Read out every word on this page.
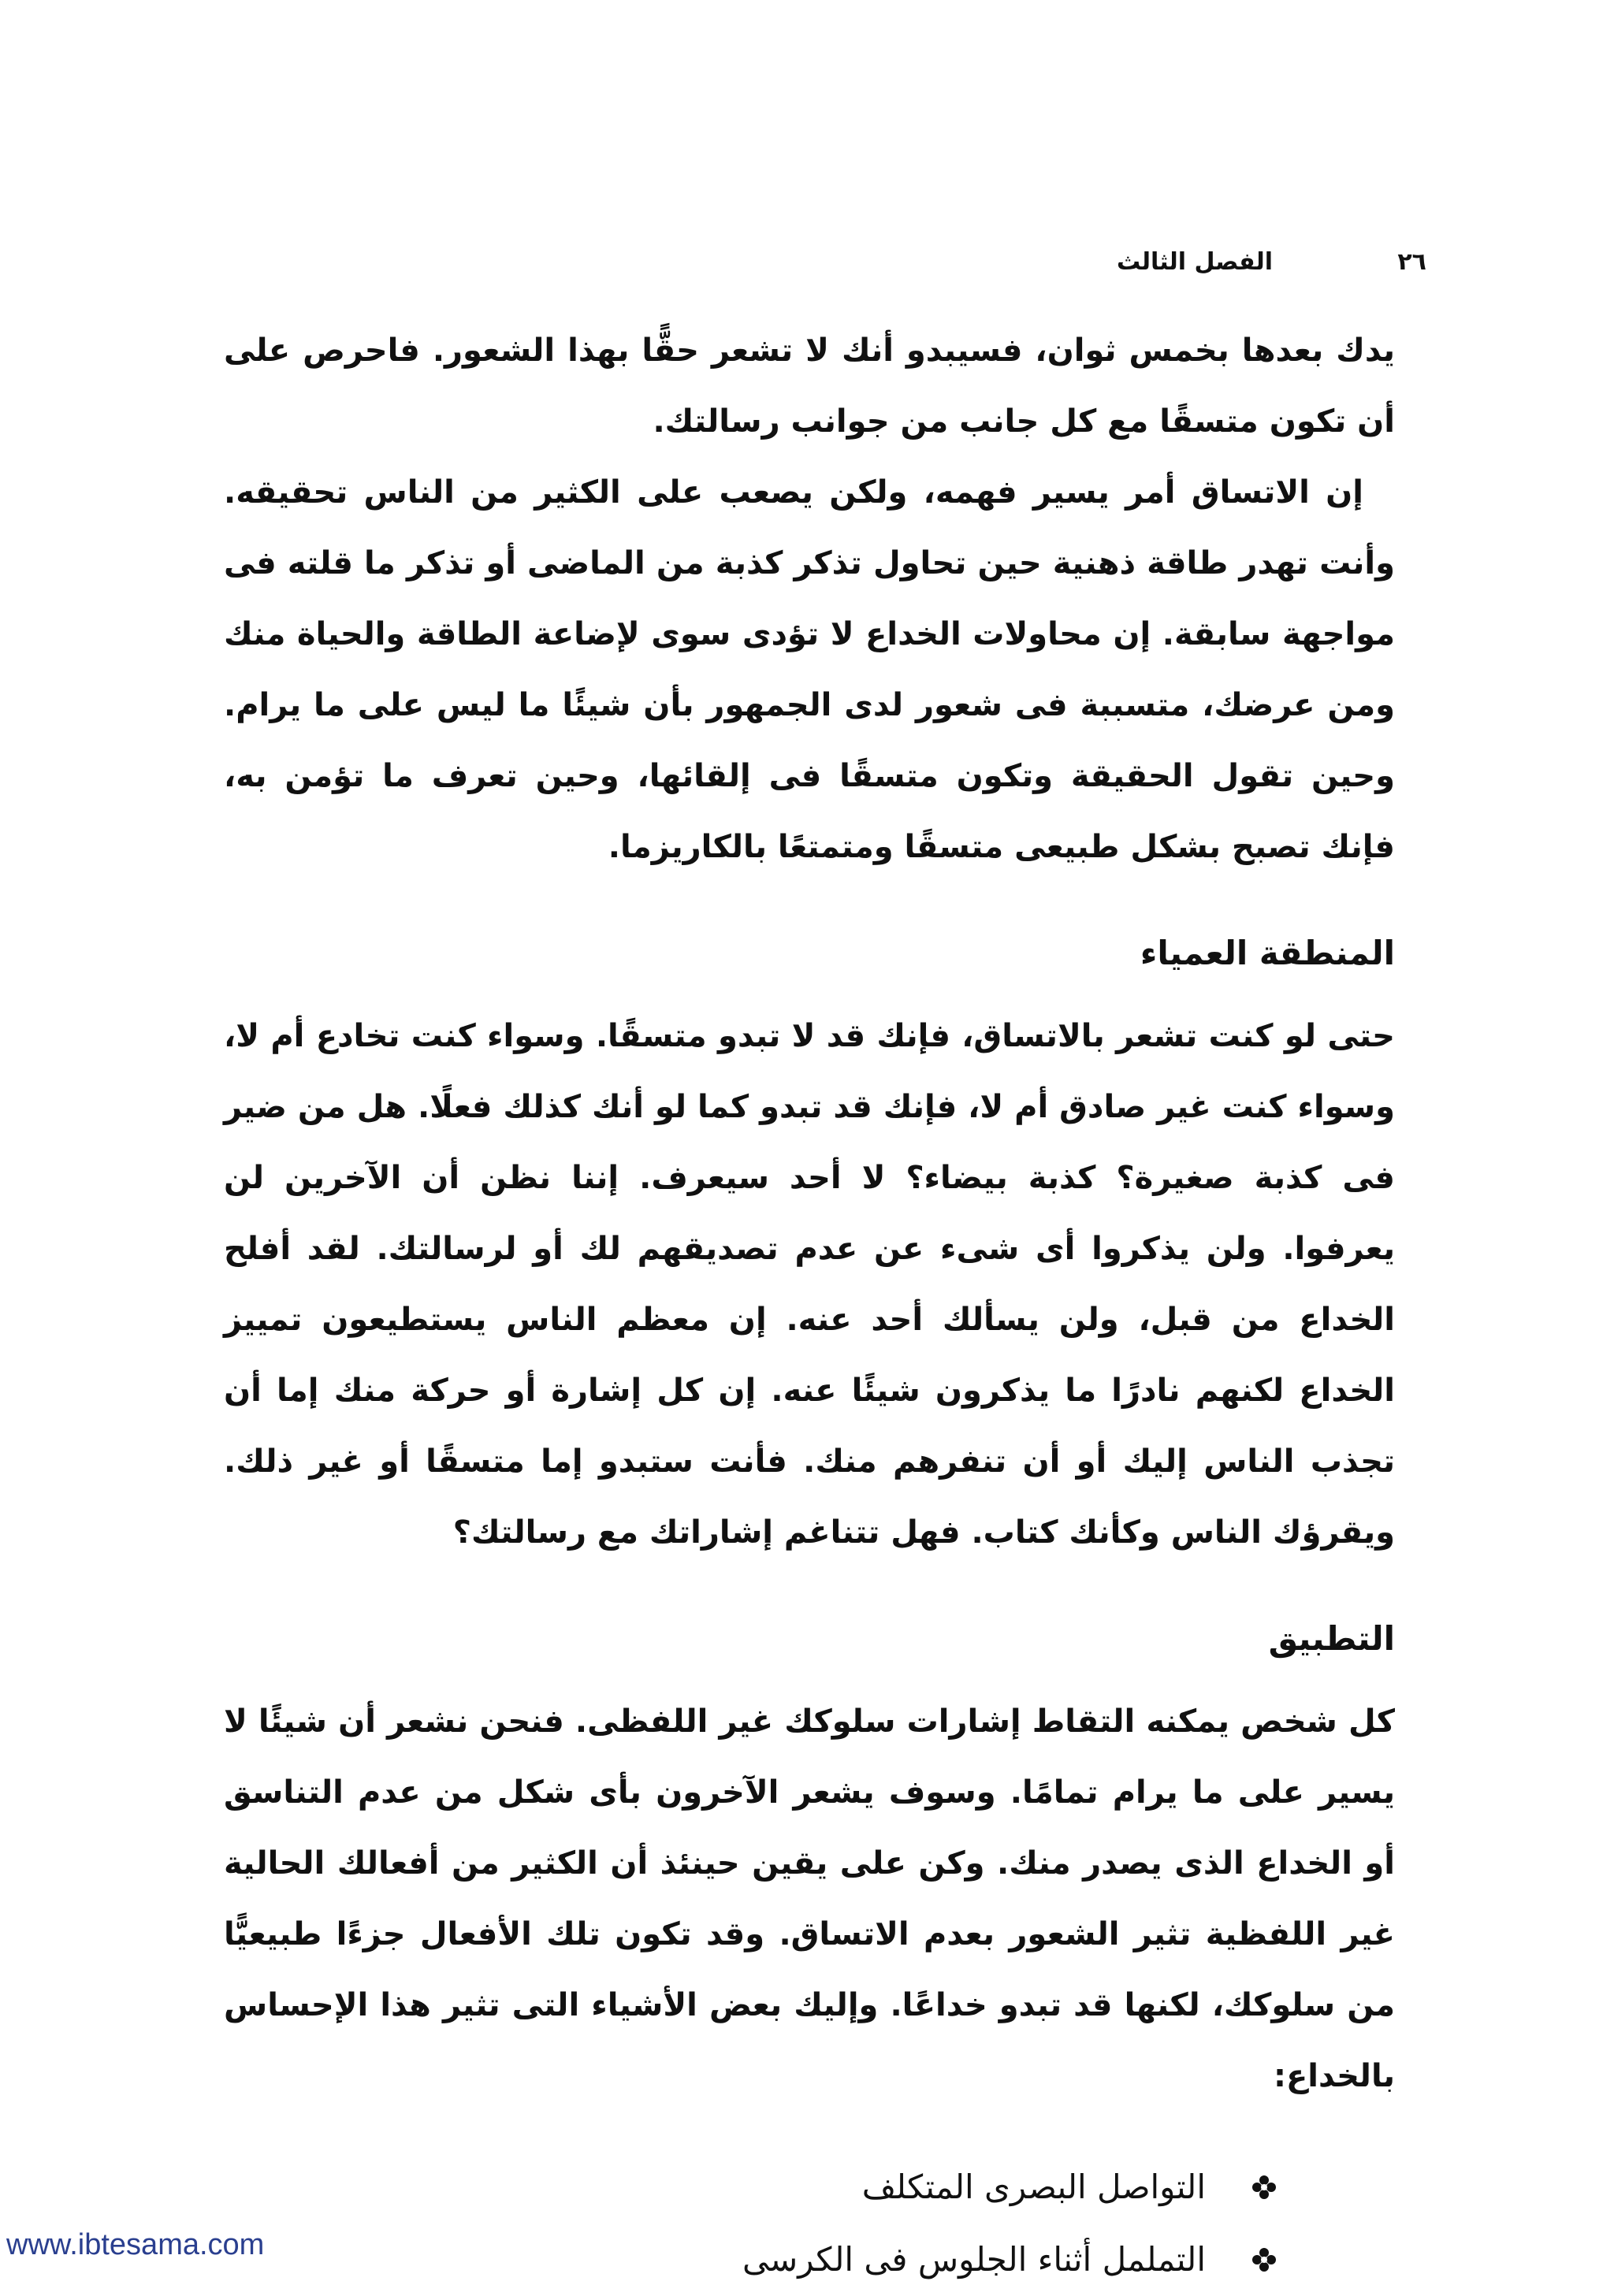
٢٦
الفصل الثالث

يدك بعدها بخمس ثوان، فسيبدو أنك لا تشعر حقًّا بهذا الشعور. فاحرص على أن تكون متسقًا مع كل جانب من جوانب رسالتك.

إن الاتساق أمر يسير فهمه، ولكن يصعب على الكثير من الناس تحقيقه. وأنت تهدر طاقة ذهنية حين تحاول تذكر كذبة من الماضى أو تذكر ما قلته فى مواجهة سابقة. إن محاولات الخداع لا تؤدى سوى لإضاعة الطاقة والحياة منك ومن عرضك، متسببة فى شعور لدى الجمهور بأن شيئًا ما ليس على ما يرام. وحين تقول الحقيقة وتكون متسقًا فى إلقائها، وحين تعرف ما تؤمن به، فإنك تصبح بشكل طبيعى متسقًا ومتمتعًا بالكاريزما.

المنطقة العمياء

حتى لو كنت تشعر بالاتساق، فإنك قد لا تبدو متسقًا. وسواء كنت تخادع أم لا، وسواء كنت غير صادق أم لا، فإنك قد تبدو كما لو أنك كذلك فعلًا. هل من ضير فى كذبة صغيرة؟ كذبة بيضاء؟ لا أحد سيعرف. إننا نظن أن الآخرين لن يعرفوا. ولن يذكروا أى شىء عن عدم تصديقهم لك أو لرسالتك. لقد أفلح الخداع من قبل، ولن يسألك أحد عنه. إن معظم الناس يستطيعون تمييز الخداع لكنهم نادرًا ما يذكرون شيئًا عنه. إن كل إشارة أو حركة منك إما أن تجذب الناس إليك أو أن تنفرهم منك. فأنت ستبدو إما متسقًا أو غير ذلك. ويقرؤك الناس وكأنك كتاب. فهل تتناغم إشاراتك مع رسالتك؟

التطبيق

كل شخص يمكنه التقاط إشارات سلوكك غير اللفظى. فنحن نشعر أن شيئًا لا يسير على ما يرام تمامًا. وسوف يشعر الآخرون بأى شكل من عدم التناسق أو الخداع الذى يصدر منك. وكن على يقين حينئذ أن الكثير من أفعالك الحالية غير اللفظية تثير الشعور بعدم الاتساق. وقد تكون تلك الأفعال جزءًا طبيعيًّا من سلوكك، لكنها قد تبدو خداعًا. وإليك بعض الأشياء التى تثير هذا الإحساس بالخداع:

التواصل البصرى المتكلف
التململ أثناء الجلوس فى الكرسى
www.ibtesama.com
